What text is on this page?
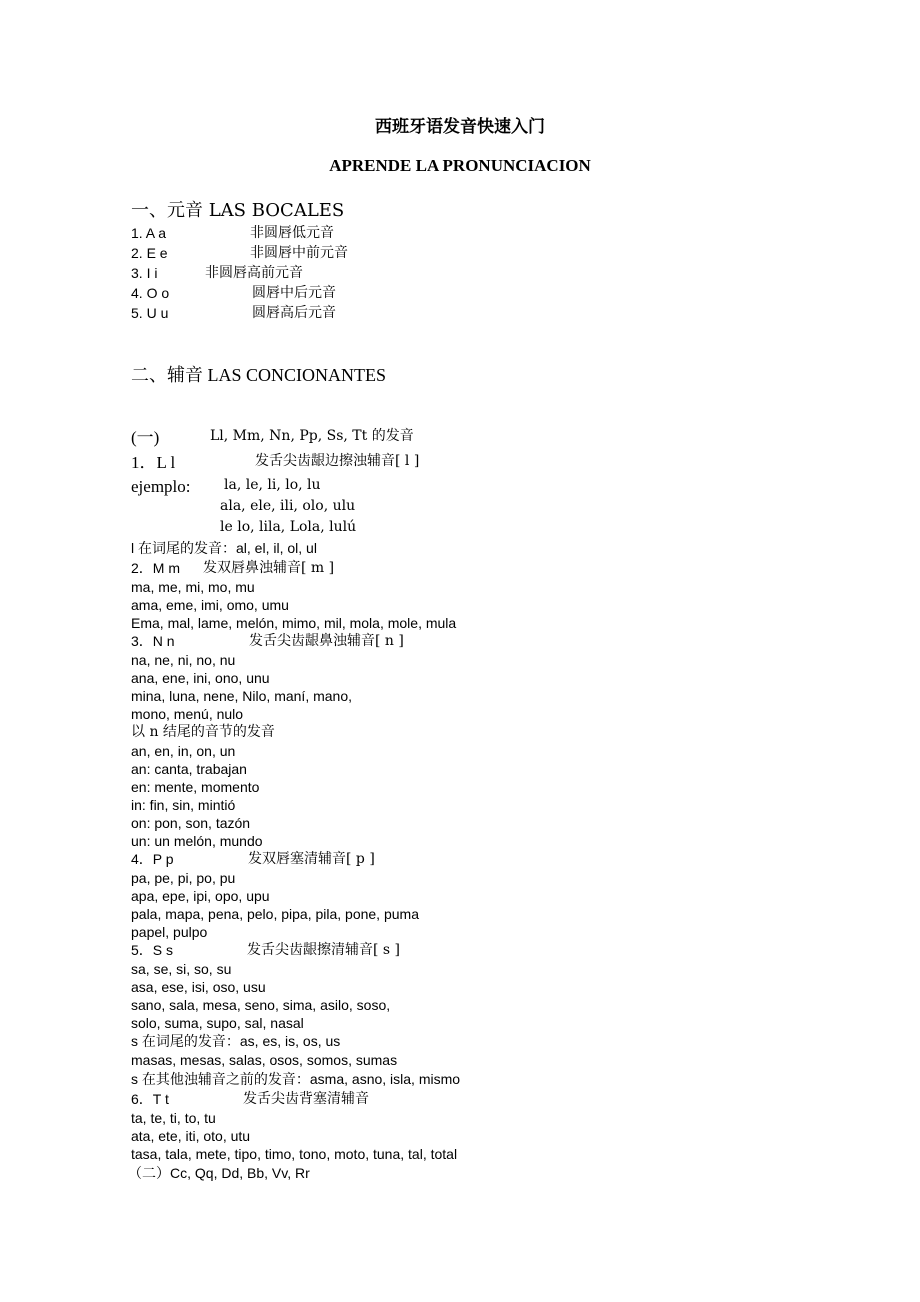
西班牙语发音快速入门
APRENDE LA PRONUNCIACION
一、元音 LAS BOCALES
1. A a	非圆唇低元音
2. E e	非圆唇中前元音
3. I i	非圆唇高前元音
4. O o	圆唇中后元音
5. U u	圆唇高后元音
二、辅音 LAS CONCIONANTES
(一)	Ll, Mm, Nn, Pp, Ss, Tt 的发音
1．L l	发舌尖齿龈边擦浊辅音[ l ]
ejemplo: la, le, li, lo, lu
ala, ele, ili, olo, ulu
le lo, lila, Lola, lulú
l 在词尾的发音：al, el, il, ol, ul
2．M m 发双唇鼻浊辅音[ m ]
ma, me, mi, mo, mu
ama, eme, imi, omo, umu
Ema, mal, lame, melón, mimo, mil, mola, mole, mula
3．N n	发舌尖齿龈鼻浊辅音[ n ]
na, ne, ni, no, nu
ana, ene, ini, ono, unu
mina, luna, nene, Nilo, maní, mano,
mono, menú, nulo
以 n 结尾的音节的发音
an, en, in, on, un
an: canta, trabajan
en: mente, momento
in: fin, sin, mintió
on: pon, son, tazón
un: un melón, mundo
4．P p	发双唇塞清辅音[ p ]
pa, pe, pi, po, pu
apa, epe, ipi, opo, upu
pala, mapa, pena, pelo, pipa, pila, pone, puma
papel, pulpo
5．S s	发舌尖齿龈擦清辅音[ s ]
sa, se, si, so, su
asa, ese, isi, oso, usu
sano, sala, mesa, seno, sima, asilo, soso,
solo, suma, supo, sal, nasal
s 在词尾的发音：as, es, is, os, us
masas, mesas, salas, osos, somos, sumas
s 在其他浊辅音之前的发音：asma, asno, isla, mismo
6．T t	发舌尖齿背塞清辅音
ta, te, ti, to, tu
ata, ete, iti, oto, utu
tasa, tala, mete, tipo, timo, tono, moto, tuna, tal, total
（二）Cc, Qq, Dd, Bb, Vv, Rr
